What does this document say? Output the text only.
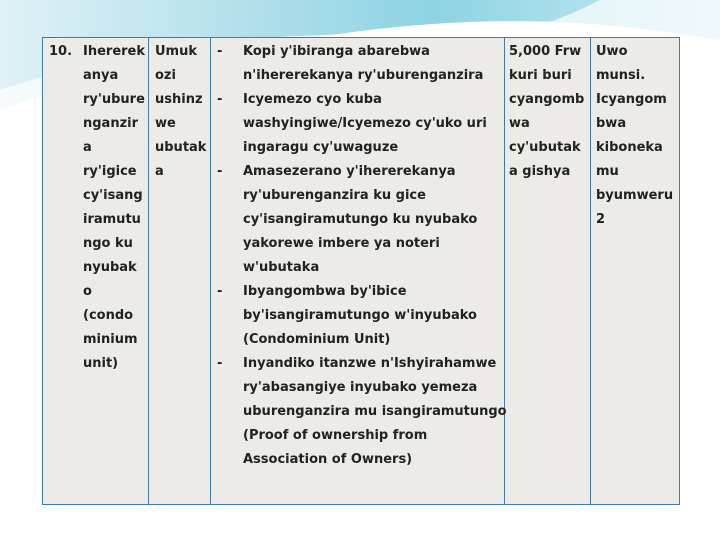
10. Ihererek
anya
ry'ubure
nganzir
a
ry'igice
cy'isang
iramutu
ngo ku
nyubak
o
(condo
minium
unit)
Umuk
ozi
ushinz
we
ubutak
a
- Kopi y'ibiranga abarebwa
n'ihererekanya ry'uburenganzira
- Icyemezo cyo kuba
washyingiwe/Icyemezo cy'uko uri
ingaragu cy'uwaguze
- Amasezerano y'ihererekanya
ry'uburenganzira ku gice
cy'isangiramutungo ku nyubako
yakorewe imbere ya noteri
w'ubutaka
- Ibyangombwa by'ibice
by'isangiramutungo w'inyubako
(Condominium Unit)
- Inyandiko itanzwe n'Ishyirahamwe
ry'abasangiye inyubako yemeza
uburenganzira mu isangiramutungo
(Proof of ownership from
Association of Owners)
5,000 Frw
kuri buri
cyangomb
wa
cy'ubutak
a gishya
Uwo
munsi.
Icyangom
bwa
kiboneka
mu
byumweru
2
